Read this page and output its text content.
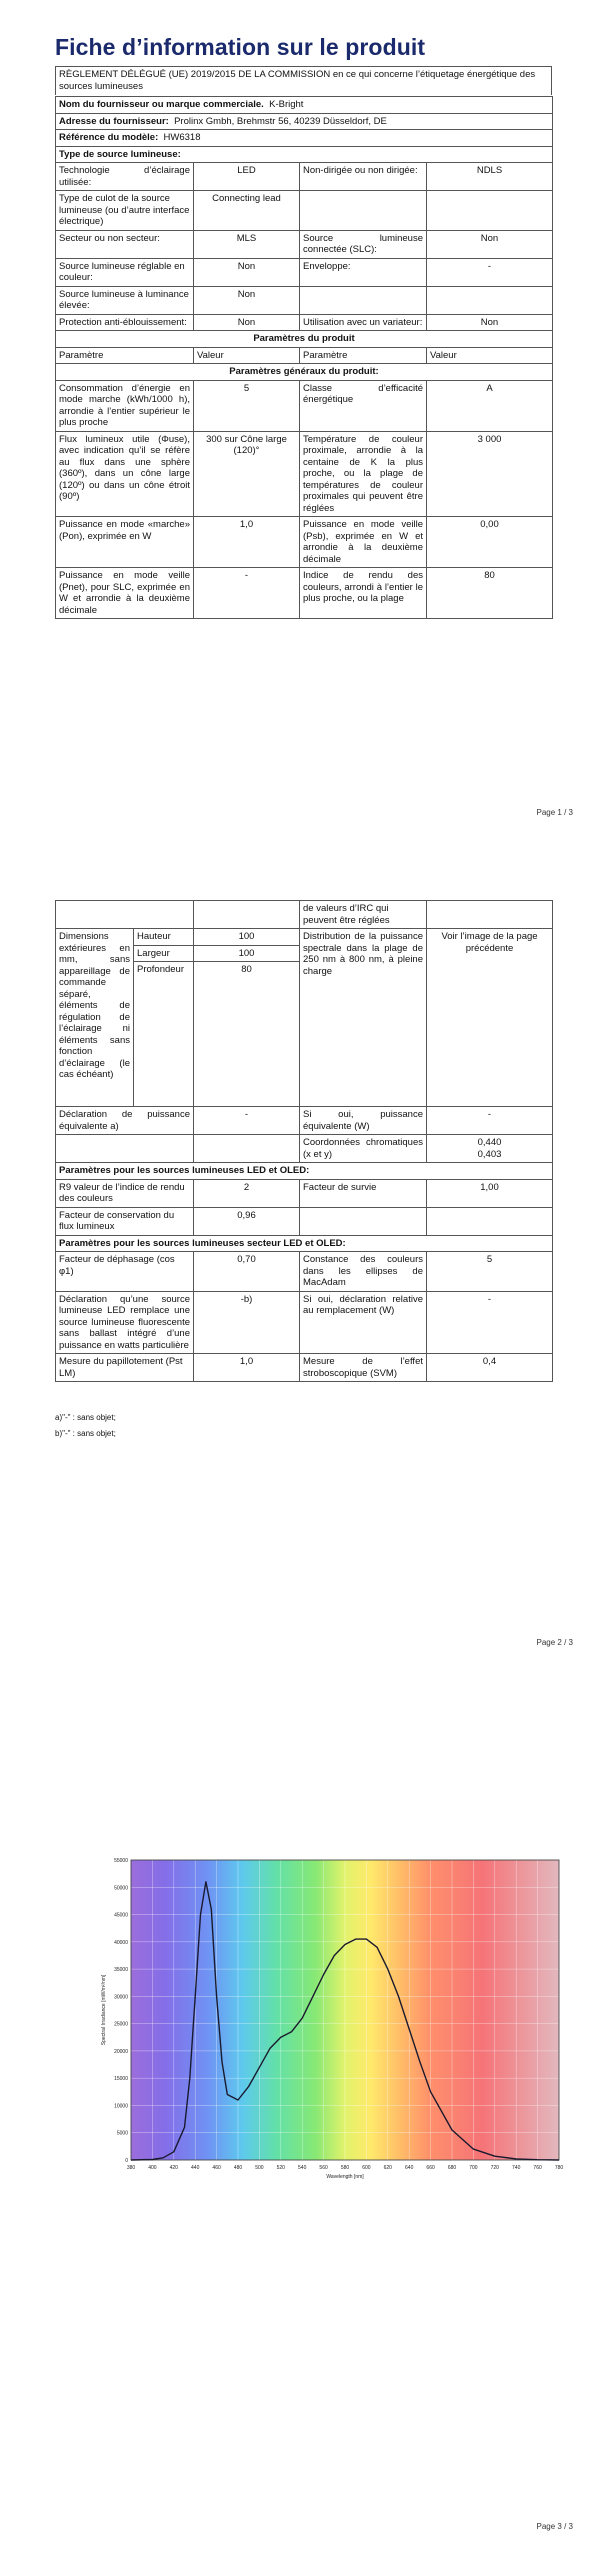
Fiche d’information sur le produit
RÈGLEMENT DÉLÉGUÉ (UE) 2019/2015 DE LA COMMISSION en ce qui concerne l’étiquetage énergétique des sources lumineuses
Nom du fournisseur ou marque commerciale. K-Bright			
Adresse du fournisseur: Prolinx Gmbh, Brehmstr 56, 40239 Düsseldorf, DE			
Référence du modèle: HW6318			
Type de source lumineuse:			
Technologie d’éclairage utilisée:	LED	Non-dirigée ou non dirigée:	NDLS
Type de culot de la source lumineuse (ou d’autre interface électrique)	Connecting lead		
Secteur ou non secteur:	MLS	Source lumineuse connectée (SLC):	Non
Source lumineuse réglable en couleur:	Non	Enveloppe:	-
Source lumineuse à luminance élevée:	Non		
Protection anti-éblouissement:	Non	Utilisation avec un variateur:	Non
Paramètres du produit			
Paramètre	Valeur	Paramètre	Valeur
Paramètres généraux du produit:			
Consommation d’énergie en mode marche (kWh/1000 h), arrondie à l’entier supérieur le plus proche	5	Classe d’efficacité énergétique	A
Flux lumineux utile (Φuse), avec indication qu’il se réfère au flux dans une sphère (360º), dans un cône large (120º) ou dans un cône étroit (90º)	300 sur Cône large (120)°	Température de couleur proximale, arrondie à la centaine de K la plus proche, ou la plage de températures de couleur proximales qui peuvent être réglées	3 000
Puissance en mode «marche» (Pon), exprimée en W	1,0	Puissance en mode veille (Psb), exprimée en W et arrondie à la deuxième décimale	0,00
Puissance en mode veille (Pnet), pour SLC, exprimée en W et arrondie à la deuxième décimale	-	Indice de rendu des couleurs, arrondi à l’entier le plus proche, ou la plage	80
Page 1 / 3
			de valeurs d’IRC qui peuvent être réglées	
Dimensions extérieures en mm, sans appareillage de commande séparé, éléments de régulation de l’éclairage ni éléments sans fonction d’éclairage (le cas échéant)	Hauteur	100	Distribution de la puissance spectrale dans la plage de 250 nm à 800 nm, à pleine charge	Voir l’image de la page précédente
	Largeur	100		
	Profondeur	80		
Déclaration de puissance équivalente a)		-	Si oui, puissance équivalente (W)	-
			Coordonnées chromatiques (x et y)	0,440
0,403

Paramètres pour les sources lumineuses LED et OLED:				
R9 valeur de l’indice de rendu des couleurs		2	Facteur de survie	1,00
Facteur de conservation du flux lumineux		0,96		
Paramètres pour les sources lumineuses secteur LED et OLED:				
Facteur de déphasage (cos φ1)		0,70	Constance des couleurs dans les ellipses de MacAdam	5
Déclaration qu’une source lumineuse LED remplace une source lumineuse fluorescente sans ballast intégré d’une puissance en watts particulière		-b)	Si oui, déclaration relative au remplacement (W)	-
Mesure du papillotement (Pst LM)		1,0	Mesure de l’effet stroboscopique (SVM)	0,4
a)"-" : sans objet;
b)"-" : sans objet;
Page 2 / 3
Page 3 / 3
380	400	420	440	460	480	500	520	540	560	580	600	620	640	660	680	700	720	740	760	780
0
5000
10000
15000
20000
25000
30000
35000
40000
45000
50000
55000
Wavelength [nm]
Spectral Irradiance [mW/m²/nm]
